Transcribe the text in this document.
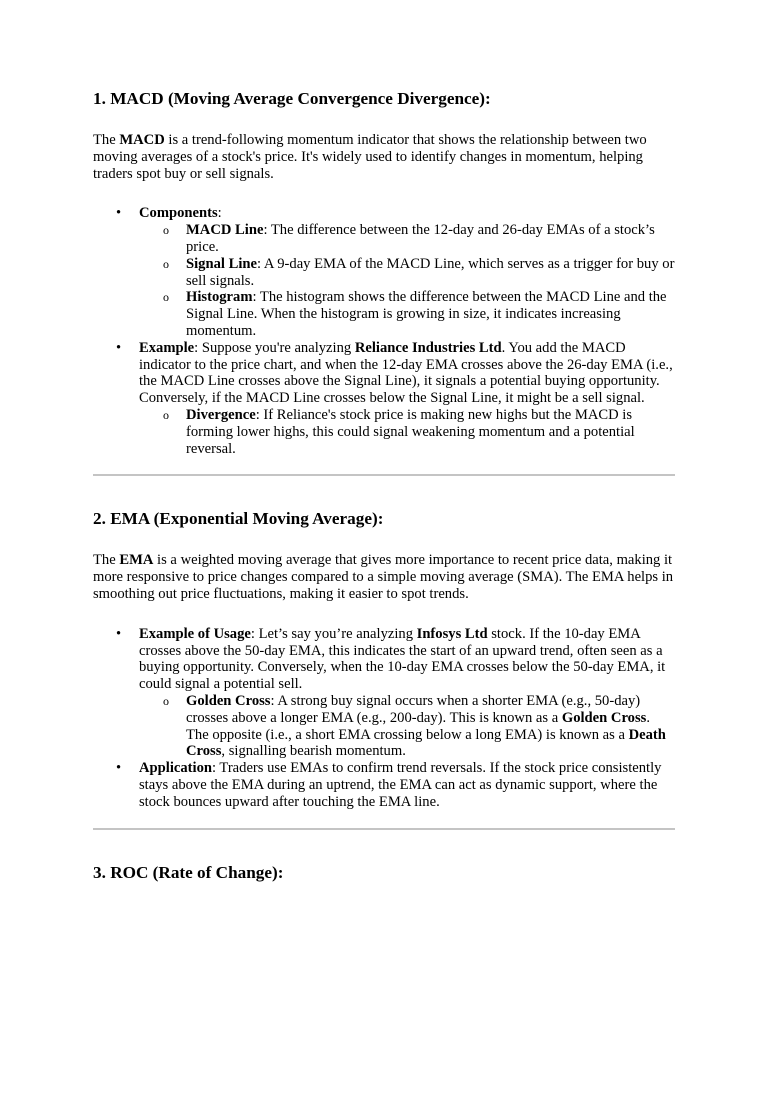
1. MACD (Moving Average Convergence Divergence):

The MACD is a trend-following momentum indicator that shows the relationship between two moving averages of a stock's price. It's widely used to identify changes in momentum, helping traders spot buy or sell signals.

• Components:
o MACD Line: The difference between the 12-day and 26-day EMAs of a stock’s price.
o Signal Line: A 9-day EMA of the MACD Line, which serves as a trigger for buy or sell signals.
o Histogram: The histogram shows the difference between the MACD Line and the Signal Line. When the histogram is growing in size, it indicates increasing momentum.
• Example: Suppose you're analyzing Reliance Industries Ltd. You add the MACD indicator to the price chart, and when the 12-day EMA crosses above the 26-day EMA (i.e., the MACD Line crosses above the Signal Line), it signals a potential buying opportunity. Conversely, if the MACD Line crosses below the Signal Line, it might be a sell signal.
o Divergence: If Reliance's stock price is making new highs but the MACD is forming lower highs, this could signal weakening momentum and a potential reversal.
2. EMA (Exponential Moving Average):

The EMA is a weighted moving average that gives more importance to recent price data, making it more responsive to price changes compared to a simple moving average (SMA). The EMA helps in smoothing out price fluctuations, making it easier to spot trends.

• Example of Usage: Let’s say you’re analyzing Infosys Ltd stock. If the 10-day EMA crosses above the 50-day EMA, this indicates the start of an upward trend, often seen as a buying opportunity. Conversely, when the 10-day EMA crosses below the 50-day EMA, it could signal a potential sell.
o Golden Cross: A strong buy signal occurs when a shorter EMA (e.g., 50-day) crosses above a longer EMA (e.g., 200-day). This is known as a Golden Cross. The opposite (i.e., a short EMA crossing below a long EMA) is known as a Death Cross, signalling bearish momentum.
• Application: Traders use EMAs to confirm trend reversals. If the stock price consistently stays above the EMA during an uptrend, the EMA can act as dynamic support, where the stock bounces upward after touching the EMA line.
3. ROC (Rate of Change):
